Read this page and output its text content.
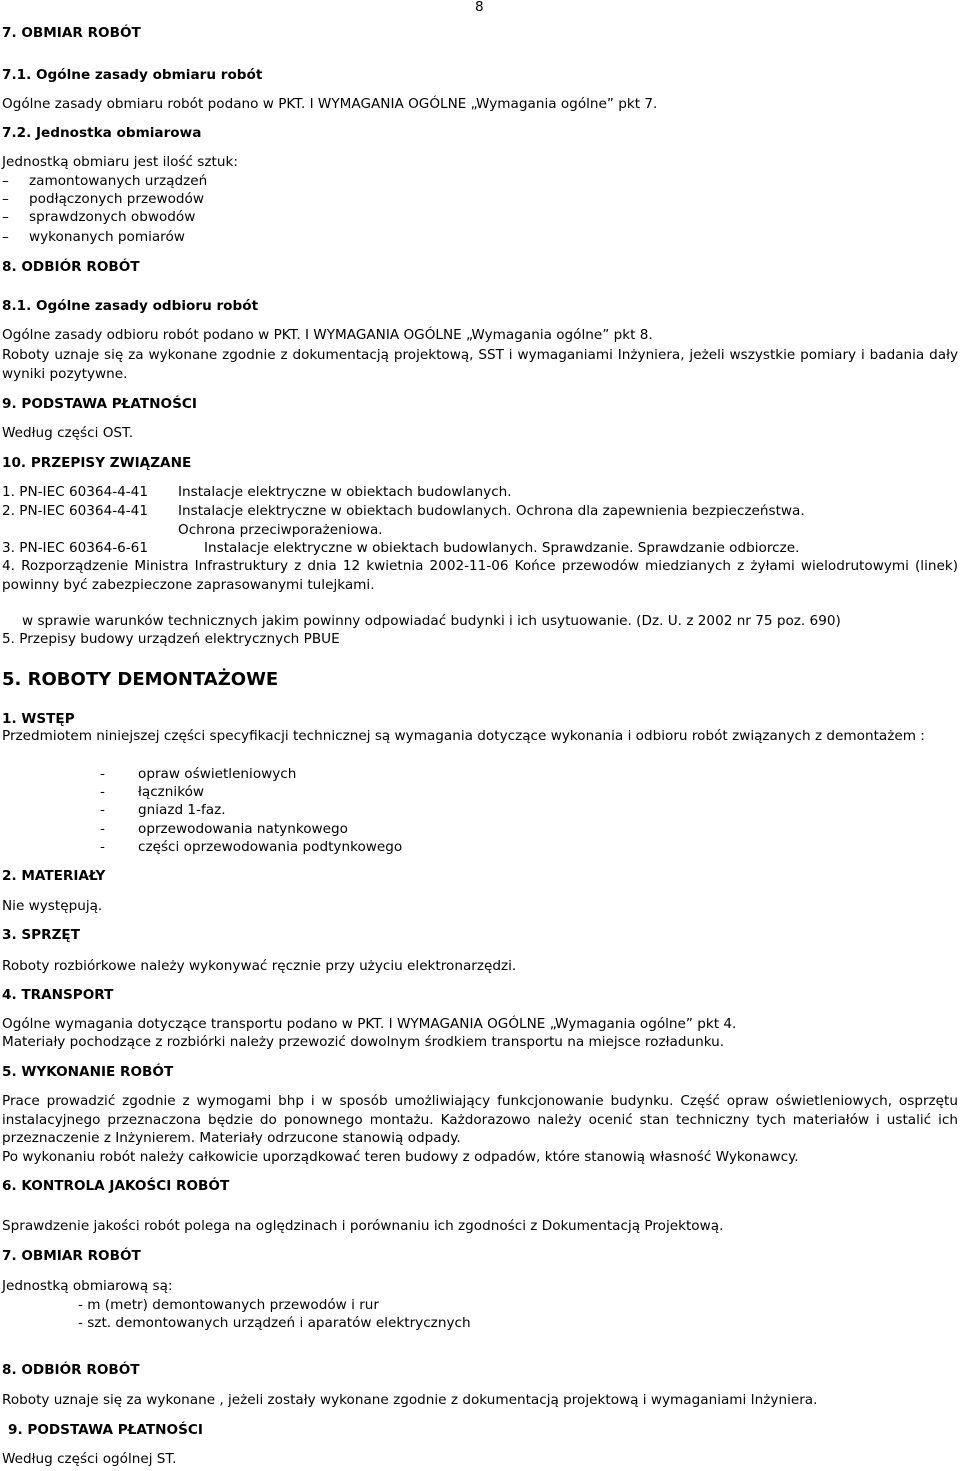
8
7. OBMIAR ROBÓT
7.1. Ogólne zasady obmiaru robót
Ogólne zasady obmiaru robót podano w PKT. I WYMAGANIA OGÓLNE „Wymagania ogólne” pkt 7.
7.2. Jednostka obmiarowa
Jednostką obmiaru jest ilość sztuk:
– zamontowanych urządzeń
– podłączonych przewodów
– sprawdzonych obwodów
– wykonanych pomiarów
8. ODBIÓR ROBÓT
8.1. Ogólne zasady odbioru robót
Ogólne zasady odbioru robót podano w PKT. I WYMAGANIA OGÓLNE „Wymagania ogólne” pkt 8.
Roboty uznaje się za wykonane zgodnie z dokumentacją projektową, SST i wymaganiami Inżyniera, jeżeli wszystkie pomiary i badania dały wyniki pozytywne.
9. PODSTAWA PŁATNOŚCI
Według części OST.
10. PRZEPISY ZWIĄZANE
1. PN-IEC 60364-4-41 Instalacje elektryczne w obiektach budowlanych.
2. PN-IEC 60364-4-41 Instalacje elektryczne w obiektach budowlanych. Ochrona dla zapewnienia bezpieczeństwa.
Ochrona przeciwporażeniowa.
3. PN-IEC 60364-6-61	Instalacje elektryczne w obiektach budowlanych. Sprawdzanie. Sprawdzanie odbiorcze.
4. Rozporządzenie Ministra Infrastruktury z dnia 12 kwietnia 2002-11-06 Końce przewodów miedzianych z żyłami wielodrutowymi (linek) powinny być zabezpieczone zaprasowanymi tulejkami.
w sprawie warunków technicznych jakim powinny odpowiadać budynki i ich usytuowanie. (Dz. U. z 2002 nr 75 poz. 690)
5. Przepisy budowy urządzeń elektrycznych PBUE
5. ROBOTY DEMONTAŻOWE
1. WSTĘP
Przedmiotem niniejszej części specyfikacji technicznej są wymagania dotyczące wykonania i odbioru robót związanych z demontażem :
- opraw oświetleniowych
- łączników
- gniazd 1-faz.
- oprzewodowania natynkowego
- części oprzewodowania podtynkowego
2. MATERIAŁY
Nie występują.
3. SPRZĘT
Roboty rozbiórkowe należy wykonywać ręcznie przy użyciu elektronarzędzi.
4. TRANSPORT
Ogólne wymagania dotyczące transportu podano w PKT. I WYMAGANIA OGÓLNE „Wymagania ogólne” pkt 4.
Materiały pochodzące z rozbiórki należy przewozić dowolnym środkiem transportu na miejsce rozładunku.
5. WYKONANIE ROBÓT
Prace prowadzić zgodnie z wymogami bhp i w sposób umożliwiający funkcjonowanie budynku. Część opraw oświetleniowych, osprzętu instalacyjnego przeznaczona będzie do ponownego montażu. Każdorazowo należy ocenić stan techniczny tych materiałów i ustalić ich przeznaczenie z Inżynierem. Materiały odrzucone stanowią odpady.
Po wykonaniu robót należy całkowicie uporządkować teren budowy z odpadów, które stanowią własność Wykonawcy.
6. KONTROLA JAKOŚCI ROBÓT
Sprawdzenie jakości robót polega na oględzinach i porównaniu ich zgodności z Dokumentacją Projektową.
7. OBMIAR ROBÓT
Jednostką obmiarową są:
- m (metr) demontowanych przewodów i rur
- szt. demontowanych urządzeń i aparatów elektrycznych
8. ODBIÓR ROBÓT
Roboty uznaje się za wykonane , jeżeli zostały wykonane zgodnie z dokumentacją projektową i wymaganiami Inżyniera.
9. PODSTAWA PŁATNOŚCI
Według części ogólnej ST.
